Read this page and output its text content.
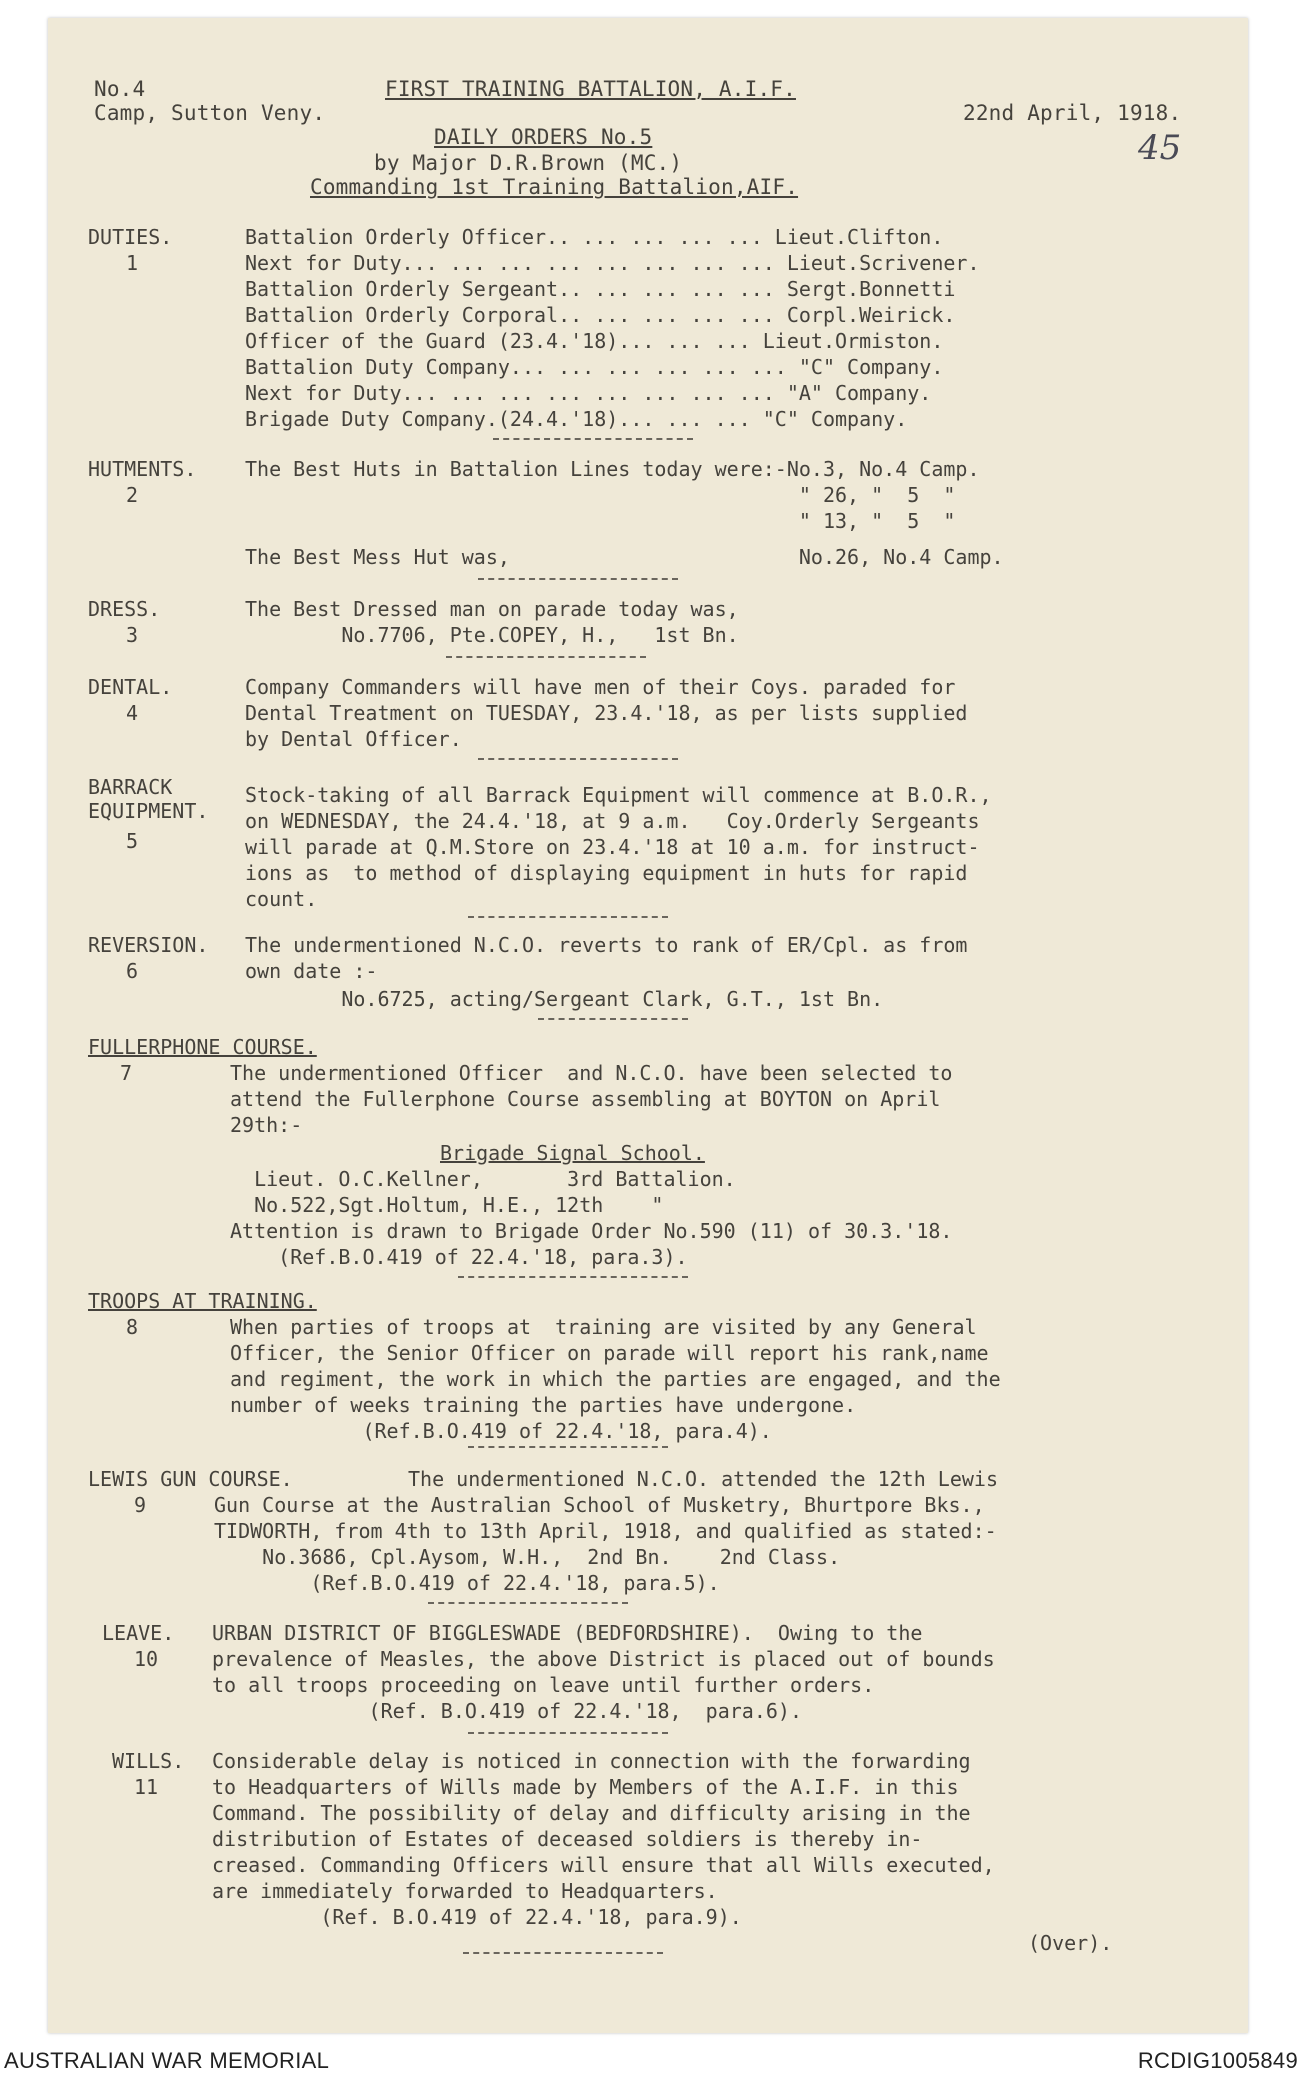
No.4
Camp, Sutton Veny.
FIRST TRAINING BATTALION, A.I.F.
22nd April, 1918.
DAILY ORDERS No.5	45
by Major D.R.Brown (MC.)
Commanding 1st Training Battalion,AIF.
DUTIES.
1
Battalion Orderly Officer.. ... ... ... ... Lieut.Clifton.
Next for Duty... ... ... ... ... ... ... ... Lieut.Scrivener.
Battalion Orderly Sergeant.. ... ... ... ... Sergt.Bonnetti
Battalion Orderly Corporal.. ... ... ... ... Corpl.Weirick.
Officer of the Guard (23.4.'18)... ... ... Lieut.Ormiston.
Battalion Duty Company... ... ... ... ... ... "C" Company.
Next for Duty... ... ... ... ... ... ... ... "A" Company.
Brigade Duty Company.(24.4.'18)... ... ... "C" Company.
HUTMENTS.
2
The Best Huts in Battalion Lines today were:-No.3, No.4 Camp.
" 26, "  5  "
" 13, "  5  "
The Best Mess Hut was,                        No.26, No.4 Camp.
DRESS.
3
The Best Dressed man on parade today was,
No.7706, Pte.COPEY, H.,   1st Bn.
DENTAL.
4
Company Commanders will have men of their Coys. paraded for
Dental Treatment on TUESDAY, 23.4.'18, as per lists supplied
by Dental Officer.
BARRACK
EQUIPMENT.
5
Stock-taking of all Barrack Equipment will commence at B.O.R.,
on WEDNESDAY, the 24.4.'18, at 9 a.m.   Coy.Orderly Sergeants
will parade at Q.M.Store on 23.4.'18 at 10 a.m. for instruct-
ions as  to method of displaying equipment in huts for rapid
count.
REVERSION.
6
The undermentioned N.C.O. reverts to rank of ER/Cpl. as from
own date :-
No.6725, acting/Sergeant Clark, G.T., 1st Bn.
FULLERPHONE COURSE.
7	The undermentioned Officer  and N.C.O. have been selected to
attend the Fullerphone Course assembling at BOYTON on April
29th:-
Brigade Signal School.
Lieut. O.C.Kellner,       3rd Battalion.
No.522,Sgt.Holtum, H.E., 12th    "
Attention is drawn to Brigade Order No.590 (11) of 30.3.'18.
(Ref.B.O.419 of 22.4.'18, para.3).
TROOPS AT TRAINING.
8	When parties of troops at  training are visited by any General
Officer, the Senior Officer on parade will report his rank,name
and regiment, the work in which the parties are engaged, and the
number of weeks training the parties have undergone.
(Ref.B.O.419 of 22.4.'18, para.4).
LEWIS GUN COURSE.
9
The undermentioned N.C.O. attended the 12th Lewis
Gun Course at the Australian School of Musketry, Bhurtpore Bks.,
TIDWORTH, from 4th to 13th April, 1918, and qualified as stated:-
No.3686, Cpl.Aysom, W.H.,  2nd Bn.    2nd Class.
(Ref.B.O.419 of 22.4.'18, para.5).
LEAVE.
10
URBAN DISTRICT OF BIGGLESWADE (BEDFORDSHIRE).  Owing to the
prevalence of Measles, the above District is placed out of bounds
to all troops proceeding on leave until further orders.
(Ref. B.O.419 of 22.4.'18,  para.6).
WILLS.
11
Considerable delay is noticed in connection with the forwarding
to Headquarters of Wills made by Members of the A.I.F. in this
Command. The possibility of delay and difficulty arising in the
distribution of Estates of deceased soldiers is thereby in-
creased. Commanding Officers will ensure that all Wills executed,
are immediately forwarded to Headquarters.
(Ref. B.O.419 of 22.4.'18, para.9).
(Over).
AUSTRALIAN WAR MEMORIAL	RCDIG1005849
